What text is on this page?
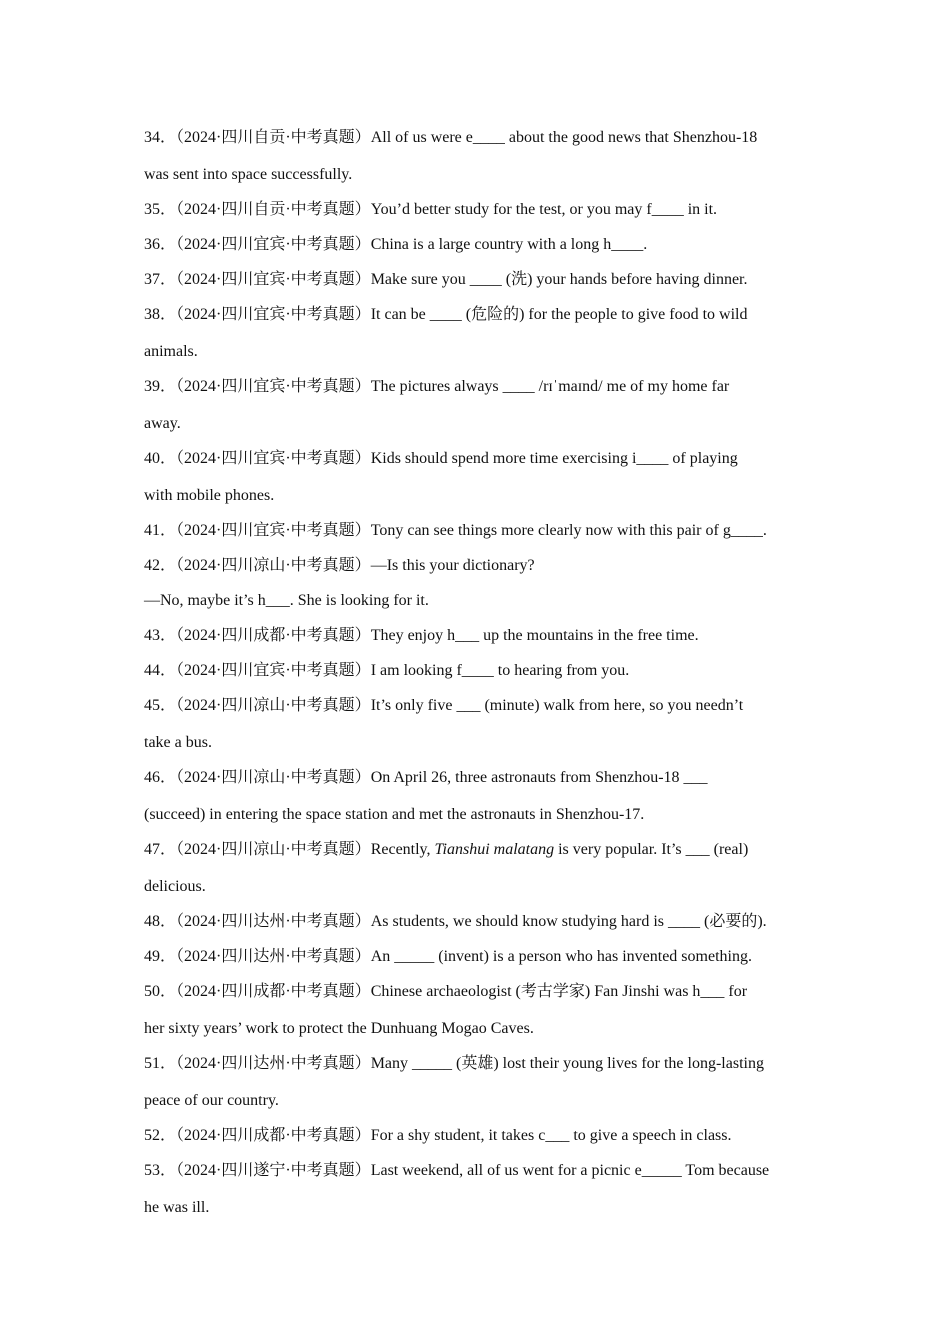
34．（2024·四川自贡·中考真题）All of us were e____ about the good news that Shenzhou-18
was sent into space successfully.
35．（2024·四川自贡·中考真题）You’d better study for the test, or you may f____ in it.
36．（2024·四川宜宾·中考真题）China is a large country with a long h____.
37．（2024·四川宜宾·中考真题）Make sure you ____ (洗) your hands before having dinner.
38．（2024·四川宜宾·中考真题）It can be ____ (危险的) for the people to give food to wild
animals.
39．（2024·四川宜宾·中考真题）The pictures always ____ /rɪˈmaɪnd/ me of my home far
away.
40．（2024·四川宜宾·中考真题）Kids should spend more time exercising i____ of playing
with mobile phones.
41．（2024·四川宜宾·中考真题）Tony can see things more clearly now with this pair of g____.
42．（2024·四川凉山·中考真题）—Is this your dictionary?
—No, maybe it’s h___. She is looking for it.
43．（2024·四川成都·中考真题）They enjoy h___ up the mountains in the free time.
44．（2024·四川宜宾·中考真题）I am looking f____ to hearing from you.
45．（2024·四川凉山·中考真题）It’s only five ___ (minute) walk from here, so you needn’t
take a bus.
46．（2024·四川凉山·中考真题）On April 26, three astronauts from Shenzhou-18 ___
(succeed) in entering the space station and met the astronauts in Shenzhou-17.
47．（2024·四川凉山·中考真题）Recently, Tianshui malatang is very popular. It’s ___ (real)
delicious.
48．（2024·四川达州·中考真题）As students, we should know studying hard is ____ (必要的).
49．（2024·四川达州·中考真题）An _____ (invent) is a person who has invented something.
50．（2024·四川成都·中考真题）Chinese archaeologist (考古学家) Fan Jinshi was h___ for
her sixty years’ work to protect the Dunhuang Mogao Caves.
51．（2024·四川达州·中考真题）Many _____ (英雄) lost their young lives for the long-lasting
peace of our country.
52．（2024·四川成都·中考真题）For a shy student, it takes c___ to give a speech in class.
53．（2024·四川遂宁·中考真题）Last weekend, all of us went for a picnic e_____ Tom because
he was ill.
